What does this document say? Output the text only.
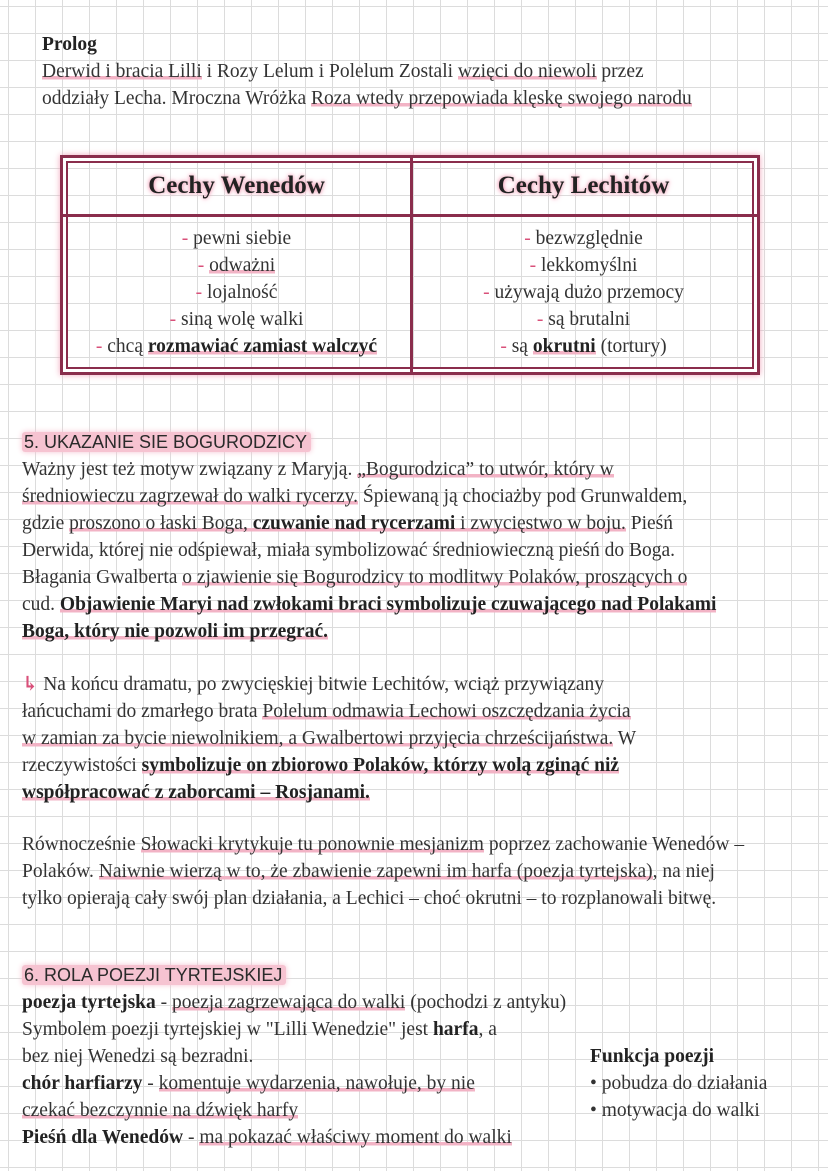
Prolog
Derwid i bracia Lilli i Rozy Lelum i Polelum Zostali wzięci do niewoli przez
oddziały Lecha. Mroczna Wróżka Roza wtedy przepowiada klęskę swojego narodu
Cechy Wenedów
- pewni siebie
- odważni
- lojalność
- siną wolę walki
- chcą rozmawiać zamiast walczyć
Cechy Lechitów
- bezwzględnie
- lekkomyślni
- używają dużo przemocy
- są brutalni
- są okrutni (tortury)
5. UKAZANIE SIE BOGURODZICY
Ważny jest też motyw związany z Maryją. „Bogurodzica” to utwór, który w
średniowieczu zagrzewał do walki rycerzy. Śpiewaną ją chociażby pod Grunwaldem,
gdzie proszono o łaski Boga, czuwanie nad rycerzami i zwycięstwo w boju. Pieśń
Derwida, której nie odśpiewał, miała symbolizować średniowieczną pieśń do Boga.
Błagania Gwalberta o zjawienie się Bogurodzicy to modlitwy Polaków, proszących o
cud. Objawienie Maryi nad zwłokami braci symbolizuje czuwającego nad Polakami
Boga, który nie pozwoli im przegrać.
↳ Na końcu dramatu, po zwycięskiej bitwie Lechitów, wciąż przywiązany
łańcuchami do zmarłego brata Polelum odmawia Lechowi oszczędzania życia
w zamian za bycie niewolnikiem, a Gwalbertowi przyjęcia chrześcijaństwa. W
rzeczywistości symbolizuje on zbiorowo Polaków, którzy wolą zginąć niż
współpracować z zaborcami – Rosjanami.
Równocześnie Słowacki krytykuje tu ponownie mesjanizm poprzez zachowanie Wenedów –
Polaków. Naiwnie wierzą w to, że zbawienie zapewni im harfa (poezja tyrtejska), na niej
tylko opierają cały swój plan działania, a Lechici – choć okrutni – to rozplanowali bitwę.
6. ROLA POEZJI TYRTEJSKIEJ
poezja tyrtejska - poezja zagrzewająca do walki (pochodzi z antyku)
Symbolem poezji tyrtejskiej w "Lilli Wenedzie" jest harfa, a
bez niej Wenedzi są bezradni.
chór harfiarzy - komentuje wydarzenia, nawołuje, by nie
czekać bezczynnie na dźwięk harfy
Pieśń dla Wenedów - ma pokazać właściwy moment do walki
Funkcja poezji
• pobudza do działania
• motywacja do walki
